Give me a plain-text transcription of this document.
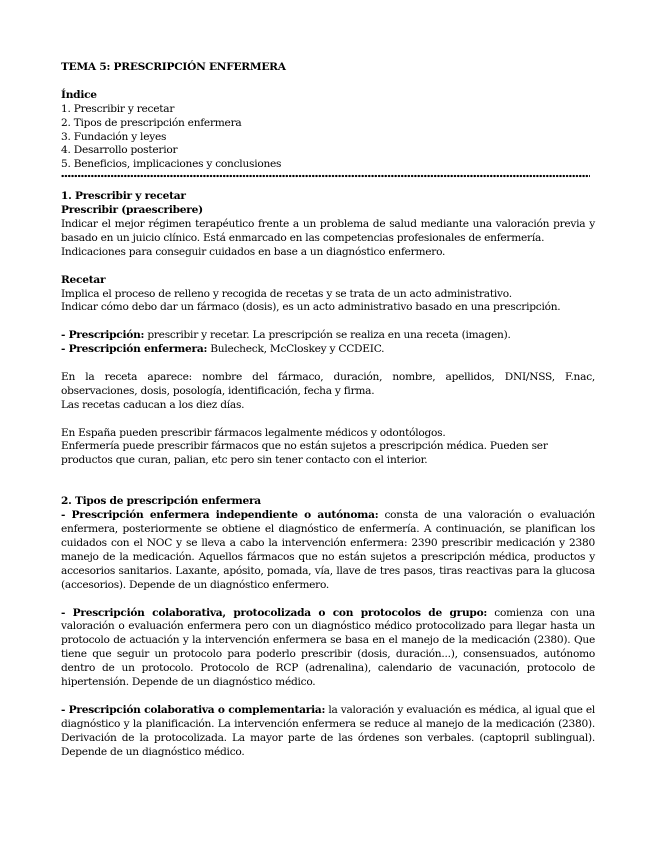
TEMA 5: PRESCRIPCIÓN ENFERMERA

Índice

1. Prescribir y recetar

2. Tipos de prescripción enfermera

3. Fundación y leyes

4. Desarrollo posterior

5. Beneficios, implicaciones y conclusiones

1. Prescribir y recetar

Prescribir (praescribere)

Indicar el mejor régimen terapéutico frente a un problema de salud mediante una valoración previa y basado en un juicio clínico. Está enmarcado en las competencias profesionales de enfermería.

Indicaciones para conseguir cuidados en base a un diagnóstico enfermero.

Recetar

Implica el proceso de relleno y recogida de recetas y se trata de un acto administrativo.

Indicar cómo debo dar un fármaco (dosis), es un acto administrativo basado en una prescripción.

- Prescripción: prescribir y recetar. La prescripción se realiza en una receta (imagen).

- Prescripción enfermera: Bulecheck, McCloskey y CCDEIC.

En la receta aparece: nombre del fármaco, duración, nombre, apellidos, DNI/NSS, F.nac, observaciones, dosis, posología, identificación, fecha y firma.

Las recetas caducan a los diez días.

En España pueden prescribir fármacos legalmente médicos y odontólogos.

Enfermería puede prescribir fármacos que no están sujetos a prescripción médica. Pueden ser productos que curan, palian, etc pero sin tener contacto con el interior.

2. Tipos de prescripción enfermera

- Prescripción enfermera independiente o autónoma: consta de una valoración o evaluación enfermera, posteriormente se obtiene el diagnóstico de enfermería. A continuación, se planifican los cuidados con el NOC y se lleva a cabo la intervención enfermera: 2390 prescribir medicación y 2380 manejo de la medicación. Aquellos fármacos que no están sujetos a prescripción médica, productos y accesorios sanitarios. Laxante, apósito, pomada, vía, llave de tres pasos, tiras reactivas para la glucosa (accesorios). Depende de un diagnóstico enfermero.

- Prescripción colaborativa, protocolizada o con protocolos de grupo: comienza con una valoración o evaluación enfermera pero con un diagnóstico médico protocolizado para llegar hasta un protocolo de actuación y la intervención enfermera se basa en el manejo de la medicación (2380). Que tiene que seguir un protocolo para poderlo prescribir (dosis, duración...), consensuados, autónomo dentro de un protocolo. Protocolo de RCP (adrenalina), calendario de vacunación, protocolo de hipertensión. Depende de un diagnóstico médico.

- Prescripción colaborativa o complementaria: la valoración y evaluación es médica, al igual que el diagnóstico y la planificación. La intervención enfermera se reduce al manejo de la medicación (2380). Derivación de la protocolizada. La mayor parte de las órdenes son verbales. (captopril sublingual). Depende de un diagnóstico médico.
